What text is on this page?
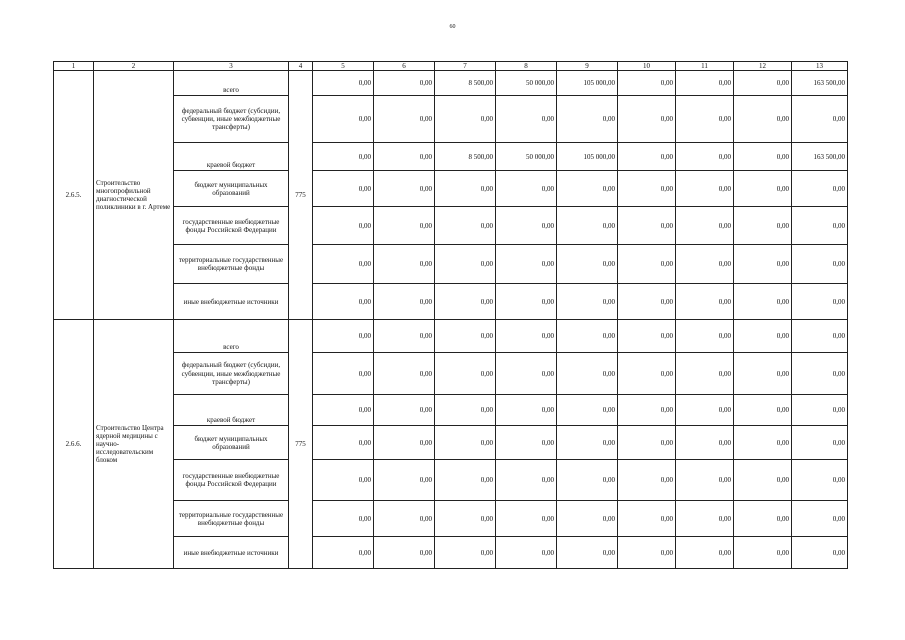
60
1	2	3	4	5	6	7	8	9	10	11	12	13
2.6.5.	Строительство многопрофильной диагностической поликлиники в г. Артеме	всего	775	0,00	0,00	8 500,00	50 000,00	105 000,00	0,00	0,00	0,00	163 500,00
		федеральный бюджет (субсидии, субвенции, иные межбюджетные трансферты)		0,00	0,00	0,00	0,00	0,00	0,00	0,00	0,00	0,00
		краевой бюджет		0,00	0,00	8 500,00	50 000,00	105 000,00	0,00	0,00	0,00	163 500,00
		бюджет муниципальных образований		0,00	0,00	0,00	0,00	0,00	0,00	0,00	0,00	0,00
		государственные внебюджетные фонды Российской Федерации		0,00	0,00	0,00	0,00	0,00	0,00	0,00	0,00	0,00
		территориальные государственные внебюджетные фонды		0,00	0,00	0,00	0,00	0,00	0,00	0,00	0,00	0,00
		иные внебюджетные источники		0,00	0,00	0,00	0,00	0,00	0,00	0,00	0,00	0,00
2.6.6.	Строительство Центра ядерной медицины с научно-исследовательским блоком	всего	775	0,00	0,00	0,00	0,00	0,00	0,00	0,00	0,00	0,00
		федеральный бюджет (субсидии, субвенции, иные межбюджетные трансферты)		0,00	0,00	0,00	0,00	0,00	0,00	0,00	0,00	0,00
		краевой бюджет		0,00	0,00	0,00	0,00	0,00	0,00	0,00	0,00	0,00
		бюджет муниципальных образований		0,00	0,00	0,00	0,00	0,00	0,00	0,00	0,00	0,00
		государственные внебюджетные фонды Российской Федерации		0,00	0,00	0,00	0,00	0,00	0,00	0,00	0,00	0,00
		территориальные государственные внебюджетные фонды		0,00	0,00	0,00	0,00	0,00	0,00	0,00	0,00	0,00
		иные внебюджетные источники		0,00	0,00	0,00	0,00	0,00	0,00	0,00	0,00	0,00
